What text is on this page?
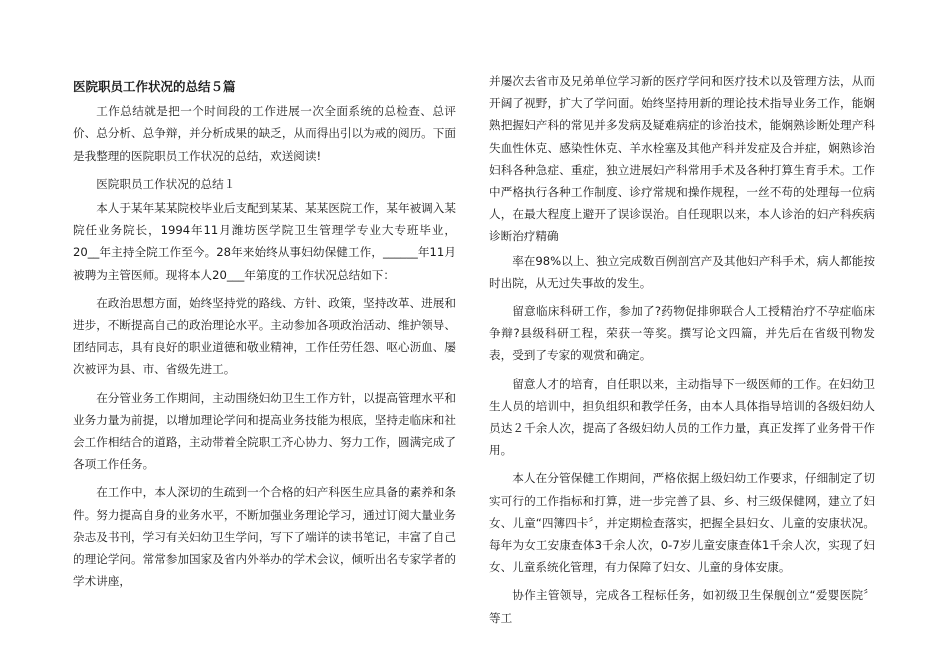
医院职员工作状况的总结５篇

工作总结就是把一个时间段的工作进展一次全面系统的总检查、总评价、总分析、总争辩，并分析成果的缺乏，从而得出引以为戒的阅历。下面是我整理的医院职员工作状况的总结，欢送阅读!

医院职员工作状况的总结１

本人于某年某某院校毕业后支配到某某、某某医院工作，某年被调入某院任业务院长，1994年11月潍坊医学院卫生管理学专业大专班毕业，20__年主持全院工作至今。28年来始终从事妇幼保健工作，______年11月被聘为主管医师。现将本人20___年第度的工作状况总结如下：

在政治思想方面，始终坚持党的路线、方针、政策，坚持改革、进展和进步，不断提高自己的政治理论水平。主动参加各项政治活动、维护领导、团结同志，具有良好的职业道德和敬业精神，工作任劳任怨、呕心沥血、屡次被评为县、市、省级先进工。

在分管业务工作期间，主动围绕妇幼卫生工作方针，以提高管理水平和业务力量为前提，以增加理论学问和提高业务技能为根底，坚持走临床和社会工作相结合的道路，主动带着全院职工齐心协力、努力工作，圆满完成了各项工作任务。

在工作中，本人深切的生疏到一个合格的妇产科医生应具备的素养和条件。努力提高自身的业务水平，不断加强业务理论学习，通过订阅大量业务杂志及书刊，学习有关妇幼卫生学问，写下了端详的读书笔记，丰富了自己的理论学问。常常参加国家及省内外举办的学术会议，倾听出名专家学者的学术讲座，

并屡次去省市及兄弟单位学习新的医疗学问和医疗技术以及管理方法，从而开阔了视野，扩大了学问面。始终坚持用新的理论技术指导业务工作，能娴熟把握妇产科的常见并多发病及疑难病症的诊治技术，能娴熟诊断处理产科失血性休克、感染性休克、羊水栓塞及其他产科并发症及合并症，娴熟诊治妇科各种急症、重症，独立进展妇产科常用手术及各种打算生育手术。工作中严格执行各种工作制度、诊疗常规和操作规程，一丝不苟的处理每一位病人，在最大程度上避开了误诊误治。自任现职以来，本人诊治的妇产科疾病诊断治疗精确

率在98%以上、独立完成数百例剖宫产及其他妇产科手术，病人都能按时出院，从无过失事故的发生。

留意临床科研工作，参加了?药物促排卵联合人工授精治疗不孕症临床争辩?县级科研工程，荣获一等奖。撰写论文四篇，并先后在省级刊物发表，受到了专家的观赏和确定。

留意人才的培育，自任职以来，主动指导下一级医师的工作。在妇幼卫生人员的培训中，担负组织和教学任务，由本人具体指导培训的各级妇幼人员达２千余人次，提高了各级妇幼人员的工作力量，真正发挥了业务骨干作用。

本人在分管保健工作期间，严格依据上级妇幼工作要求，仔细制定了切实可行的工作指标和打算，进一步完善了县、乡、村三级保健网，建立了妇女、儿童“四簿四卡〞，并定期检查落实，把握全县妇女、儿童的安康状况。每年为女工安康查体3千余人次，0-7岁儿童安康查体1千余人次，实现了妇女、儿童系统化管理，有力保障了妇女、儿童的身体安康。

协作主管领导，完成各工程标任务，如初级卫生保舰创立“爱婴医院〞等工
